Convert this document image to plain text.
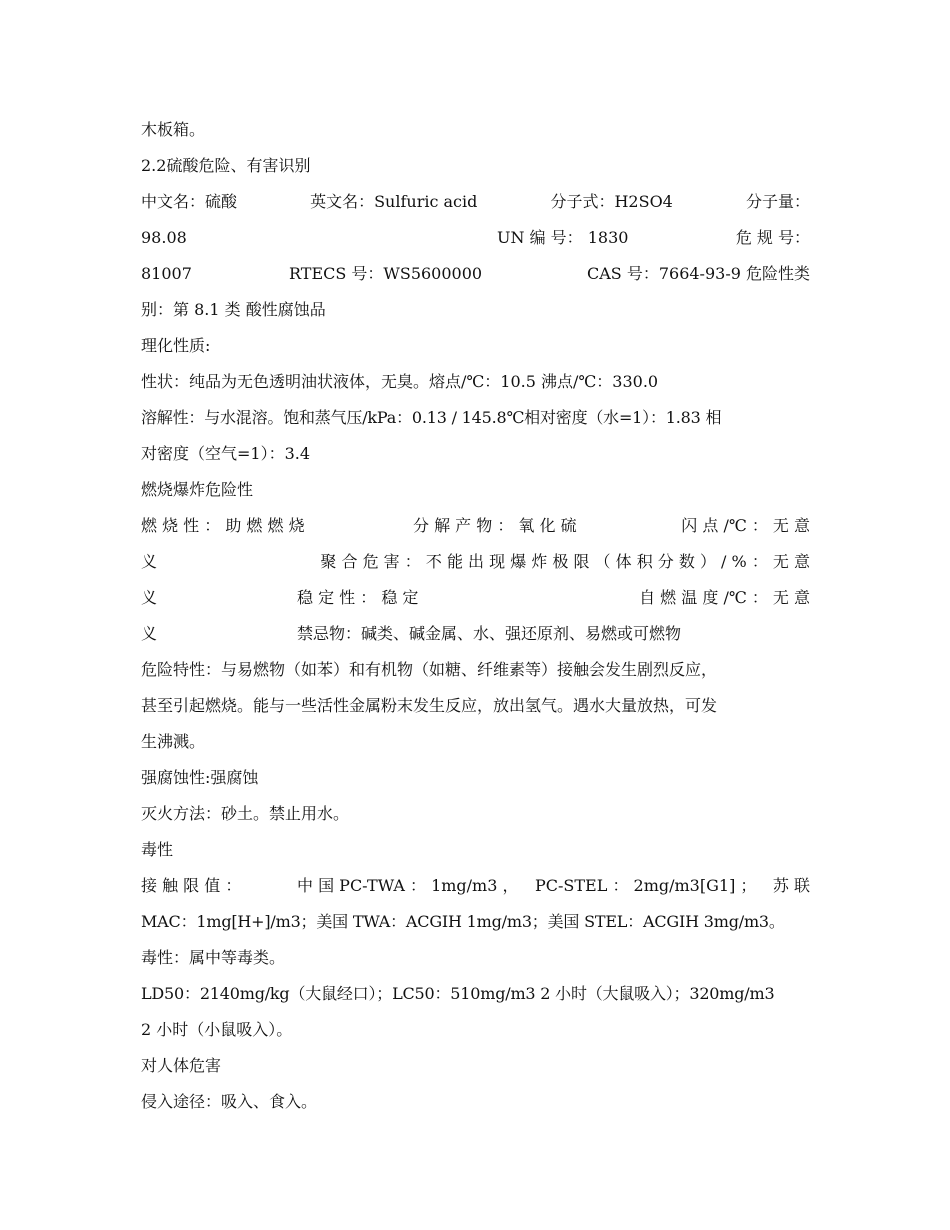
木板箱。
2.2硫酸危险、有害识别
中文名：硫酸	英文名：Sulfuric acid	分子式：H2SO4	分子量：
98.08	UN 编 号： 1830	危 规 号：
81007	RTECS 号：WS5600000	CAS 号：7664-93-9 危险性类
别：第 8.1 类 酸性腐蚀品
理化性质:
性状：纯品为无色透明油状液体，无臭。熔点/℃：10.5 沸点/℃：330.0
溶解性：与水混溶。饱和蒸气压/kPa：0.13 / 145.8℃相对密度（水=1）：1.83 相
对密度（空气=1）：3.4
燃烧爆炸危险性
燃 烧 性 ： 助 燃 燃 烧	分 解 产 物 ： 氧 化 硫	闪 点 /℃ ： 无 意
义	聚 合 危 害 ： 不 能 出 现 爆 炸 极 限 （ 体 积 分 数 ） / % ： 无 意
义	稳 定 性 ： 稳 定	自 燃 温 度 /℃ ： 无 意
义	禁忌物：碱类、碱金属、水、强还原剂、易燃或可燃物
危险特性：与易燃物（如苯）和有机物（如糖、纤维素等）接触会发生剧烈反应，
甚至引起燃烧。能与一些活性金属粉末发生反应，放出氢气。遇水大量放热，可发
生沸溅。
强腐蚀性:强腐蚀
灭火方法：砂土。禁止用水。
毒性
接 触 限 值 ：	中 国 PC-TWA ： 1mg/m3 ， PC-STEL ： 2mg/m3[G1] ； 苏 联
MAC：1mg[H+]/m3；美国 TWA：ACGIH 1mg/m3；美国 STEL：ACGIH 3mg/m3。
毒性：属中等毒类。
LD50：2140mg/kg（大鼠经口）；LC50：510mg/m3 2 小时（大鼠吸入）；320mg/m3
2 小时（小鼠吸入）。
对人体危害
侵入途径：吸入、食入。
